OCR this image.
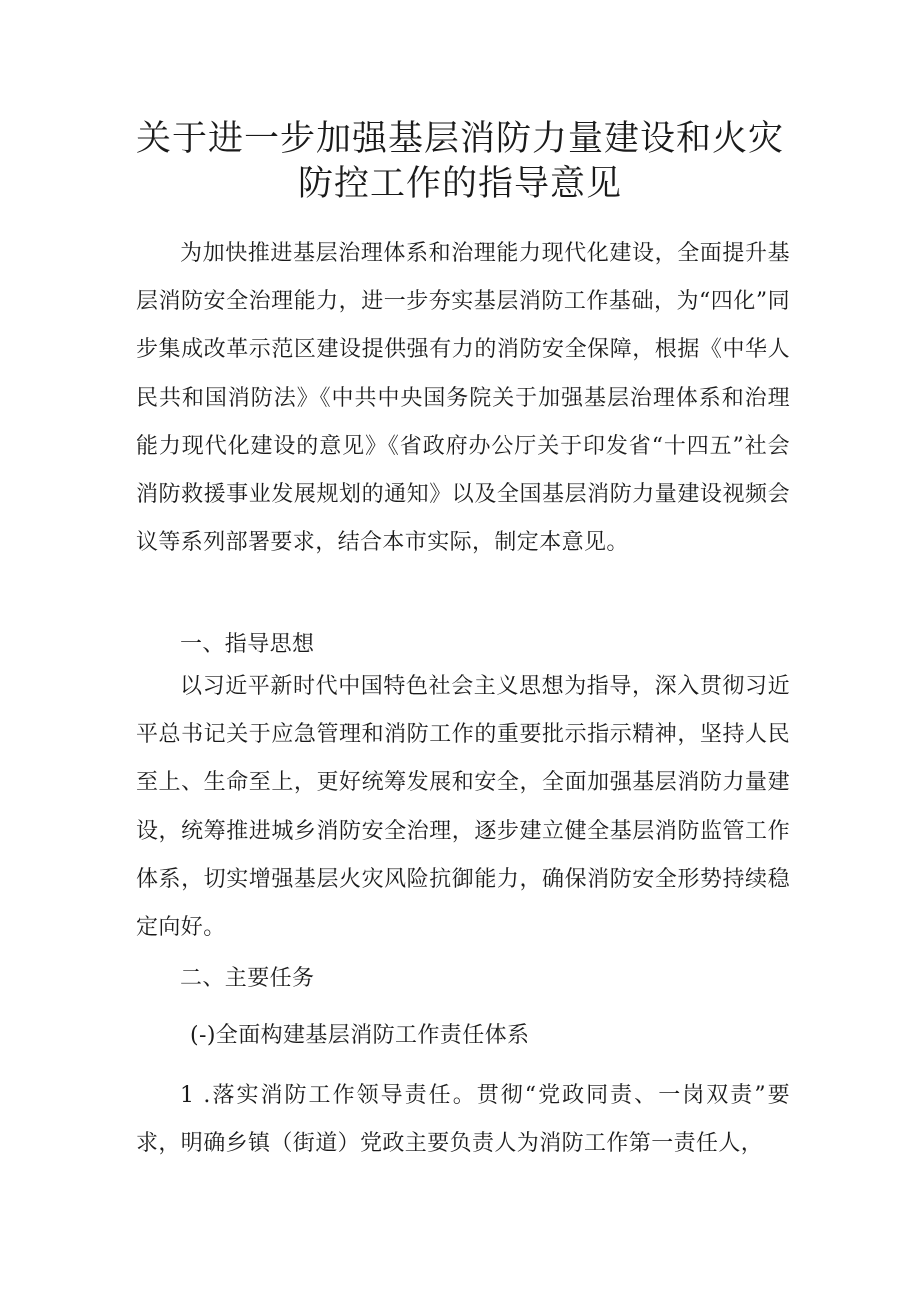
关于进一步加强基层消防力量建设和火灾
防控工作的指导意见

为加快推进基层治理体系和治理能力现代化建设，全面提升基层消防安全治理能力，进一步夯实基层消防工作基础，为“四化”同步集成改革示范区建设提供强有力的消防安全保障，根据《中华人民共和国消防法》《中共中央国务院关于加强基层治理体系和治理能力现代化建设的意见》《省政府办公厅关于印发省“十四五”社会消防救援事业发展规划的通知》以及全国基层消防力量建设视频会议等系列部署要求，结合本市实际，制定本意见。

一、指导思想

以习近平新时代中国特色社会主义思想为指导，深入贯彻习近平总书记关于应急管理和消防工作的重要批示指示精神，坚持人民至上、生命至上，更好统筹发展和安全，全面加强基层消防力量建设，统筹推进城乡消防安全治理，逐步建立健全基层消防监管工作体系，切实增强基层火灾风险抗御能力，确保消防安全形势持续稳定向好。

二、主要任务

(-)全面构建基层消防工作责任体系

1 .落实消防工作领导责任。贯彻“党政同责、一岗双责”要求，明确乡镇（街道）党政主要负责人为消防工作第一责任人，
